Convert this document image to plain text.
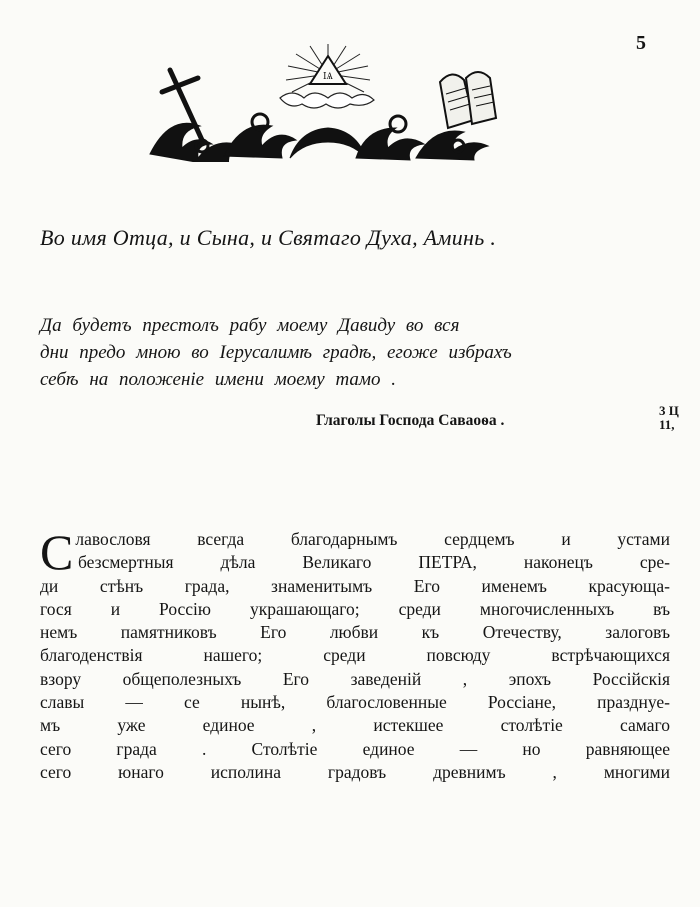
5
ІѦ
Во имя Отца, и Сына, и Святаго Духа, Аминь .
Да будетъ престолъ рабу моему Давиду во вся
дни предо мною во Іерусалимѣ градѣ, егоже избрахъ
себѣ на положеніе имени моему тамо .
Глаголы Господа Саваоѳа .
3 Ц
11,
С лавословя всегда благодарнымъ сердцемъ и устами
безсмертныя дѣла Великаго ПЕТРА, наконецъ сре-
ди стѣнъ града, знаменитымъ Его именемъ красующа-
гося и Россію украшающаго; среди многочисленныхъ въ
немъ памятниковъ Его любви къ Отечеству, залоговъ
благоденствія нашего; среди повсюду встрѣчающихся
взору общеполезныхъ Его заведеній , эпохъ Россійскія
славы — се нынѣ, благословенные Россіане, празднуе-
мъ уже единое , истекшее столѣтіе самаго
сего града . Столѣтіе единое — но равняющее
сего юнаго исполина градовъ древнимъ , многими
